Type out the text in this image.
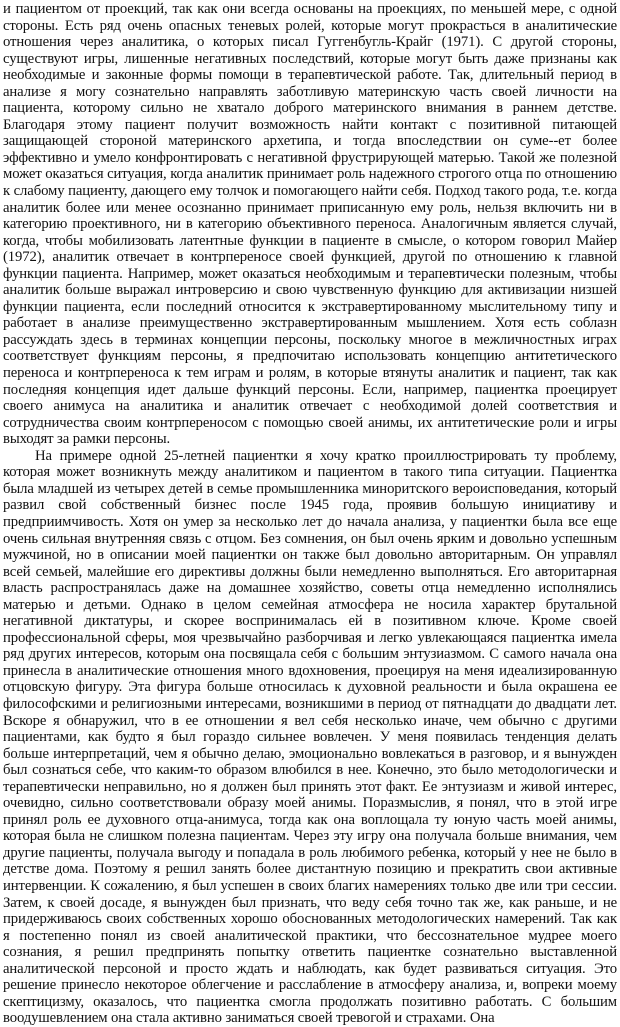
и пациентом от проекций, так как они всегда основаны на проекциях, по меньшей мере, с одной стороны. Есть ряд очень опасных теневых ролей, которые могут прокрасться в аналитические отношения через аналитика, о которых писал Гуггенбугль-Крайг (1971). С другой стороны, существуют игры, лишенные негативных последствий, которые могут быть даже признаны как необходимые и законные формы помощи в терапевтической работе. Так, длительный период в анализе я могу сознательно направлять заботливую материнскую часть своей личности на пациента, которому сильно не хватало доброго материнского внимания в раннем детстве. Благодаря этому пациент получит возможность найти контакт с позитивной питающей защищающей стороной материнского архетипа, и тогда впоследствии он суме--ет более эффективно и умело конфронтировать с негативной фрустрирующей матерью. Такой же полезной может оказаться ситуация, когда аналитик принимает роль надежного строгого отца по отношению к слабому пациенту, дающего ему толчок и помогающего найти себя. Подход такого рода, т.е. когда аналитик более или менее осознанно принимает приписанную ему роль, нельзя включить ни в категорию проективного, ни в категорию объективного переноса. Аналогичным является случай, когда, чтобы мобилизовать латентные функции в пациенте в смысле, о котором говорил Майер (1972), аналитик отвечает в контрпереносе своей функцией, другой по отношению к главной функции пациента. Например, может оказаться необходимым и терапевтически полезным, чтобы аналитик больше выражал интроверсию и свою чувственную функцию для активизации низшей функции пациента, если последний относится к экстравертированному мыслительному типу и работает в анализе преимущественно экстравертированным мышлением. Хотя есть соблазн рассуждать здесь в терминах концепции персоны, поскольку многое в межличностных играх соответствует функциям персоны, я предпочитаю использовать концепцию антитетического переноса и контрпереноса к тем играм и ролям, в которые втянуты аналитик и пациент, так как последняя концепция идет дальше функций персоны. Если, например, пациентка проецирует своего анимуса на аналитика и аналитик отвечает с необходимой долей соответствия и сотрудничества своим контрпереносом с помощью своей анимы, их антитетические роли и игры выходят за рамки персоны.

На примере одной 25-летней пациентки я хочу кратко проиллюстрировать ту проблему, которая может возникнуть между аналитиком и пациентом в такого типа ситуации. Пациентка была младшей из четырех детей в семье промышленника миноритского вероисповедания, который развил свой собственный бизнес после 1945 года, проявив большую инициативу и предприимчивость. Хотя он умер за несколько лет до начала анализа, у пациентки была все еще очень сильная внутренняя связь с отцом. Без сомнения, он был очень ярким и довольно успешным мужчиной, но в описании моей пациентки он также был довольно авторитарным. Он управлял всей семьей, малейшие его директивы должны были немедленно выполняться. Его авторитарная власть распространялась даже на домашнее хозяйство, советы отца немедленно исполнялись матерью и детьми. Однако в целом семейная атмосфера не носила характер брутальной негативной диктатуры, и скорее воспринималась ей в позитивном ключе. Кроме своей профессиональной сферы, моя чрезвычайно разборчивая и легко увлекающаяся пациентка имела ряд других интересов, которым она посвящала себя с большим энтузиазмом. С самого начала она принесла в аналитические отношения много вдохновения, проецируя на меня идеализированную отцовскую фигуру. Эта фигура больше относилась к духовной реальности и была окрашена ее философскими и религиозными интересами, возникшими в период от пятнадцати до двадцати лет. Вскоре я обнаружил, что в ее отношении я вел себя несколько иначе, чем обычно с другими пациентами, как будто я был гораздо сильнее вовлечен. У меня появилась тенденция делать больше интерпретаций, чем я обычно делаю, эмоционально вовлекаться в разговор, и я вынужден был сознаться себе, что каким-то образом влюбился в нее. Конечно, это было методологически и терапевтически неправильно, но я должен был принять этот факт. Ее энтузиазм и живой интерес, очевидно, сильно соответствовали образу моей анимы. Поразмыслив, я понял, что в этой игре принял роль ее духовного отца-анимуса, тогда как она воплощала ту юную часть моей анимы, которая была не слишком полезна пациентам. Через эту игру она получала больше внимания, чем другие пациенты, получала выгоду и попадала в роль любимого ребенка, который у нее не было в детстве дома. Поэтому я решил занять более дистантную позицию и прекратить свои активные интервенции. К сожалению, я был успешен в своих благих намерениях только две или три сессии. Затем, к своей досаде, я вынужден был признать, что веду себя точно так же, как раньше, и не придерживаюсь своих собственных хорошо обоснованных методологических намерений. Так как я постепенно понял из своей аналитической практики, что бессознательное мудрее моего сознания, я решил предпринять попытку ответить пациентке сознательно выставленной аналитической персоной и просто ждать и наблюдать, как будет развиваться ситуация. Это решение принесло некоторое облегчение и расслабление в атмосферу анализа, и, вопреки моему скептицизму, оказалось, что пациентка смогла продолжать позитивно работать. С большим воодушевлением она стала активно заниматься своей тревогой и страхами. Она
